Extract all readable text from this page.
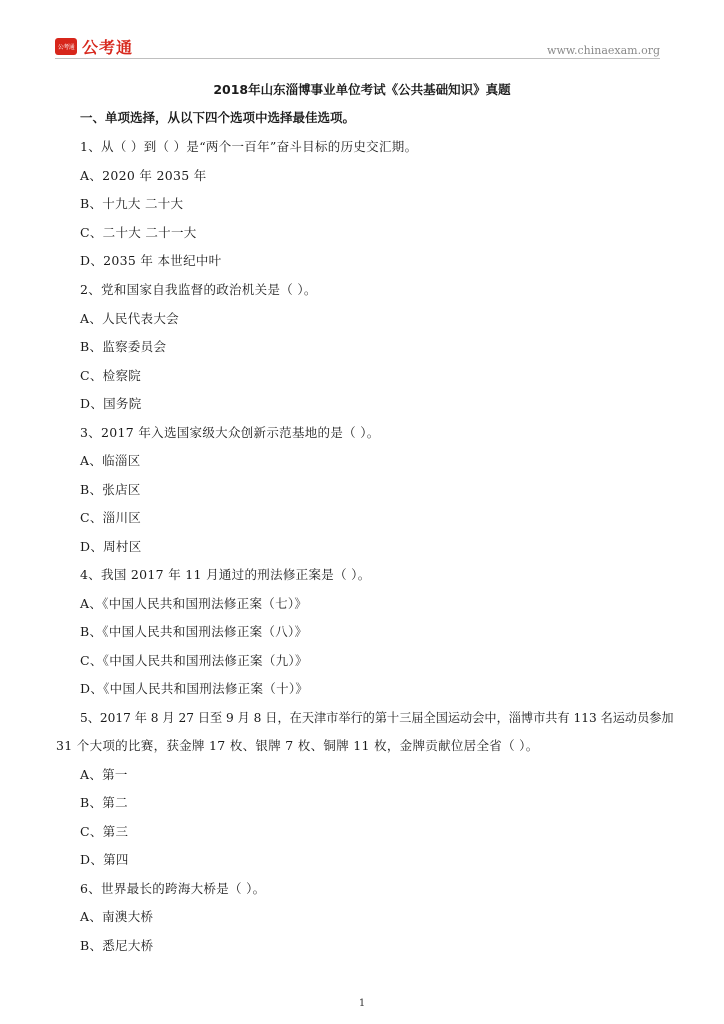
公考通 公考通	www.chinaexam.org
2018年山东淄博事业单位考试《公共基础知识》真题
一、单项选择，从以下四个选项中选择最佳选项。
1、从（ ）到（ ）是“两个一百年”奋斗目标的历史交汇期。
A、2020 年 2035 年
B、十九大 二十大
C、二十大 二十一大
D、2035 年 本世纪中叶
2、党和国家自我监督的政治机关是（ ）。
A、人民代表大会
B、监察委员会
C、检察院
D、国务院
3、2017 年入选国家级大众创新示范基地的是（ ）。
A、临淄区
B、张店区
C、淄川区
D、周村区
4、我国 2017 年 11 月通过的刑法修正案是（ ）。
A、《中国人民共和国刑法修正案（七）》
B、《中国人民共和国刑法修正案（八）》
C、《中国人民共和国刑法修正案（九）》
D、《中国人民共和国刑法修正案（十）》
5、2017 年 8 月 27 日至 9 月 8 日，在天津市举行的第十三届全国运动会中，淄博市共有 113 名运动员参加
31 个大项的比赛，获金牌 17 枚、银牌 7 枚、铜牌 11 枚，金牌贡献位居全省（ ）。
A、第一
B、第二
C、第三
D、第四
6、世界最长的跨海大桥是（ ）。
A、南澳大桥
B、悉尼大桥
1
